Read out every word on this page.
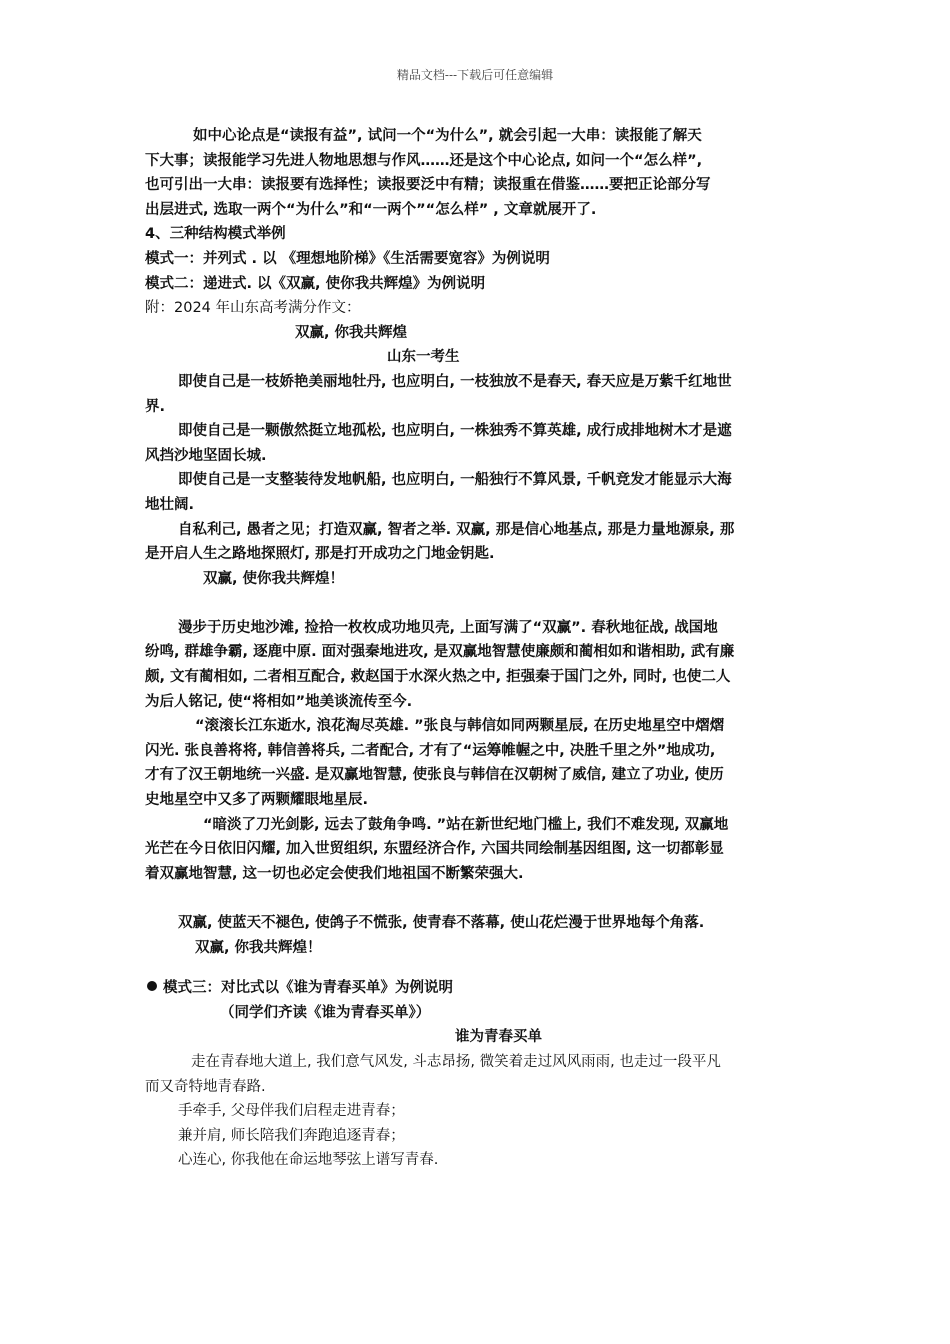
精品文档---下载后可任意编辑
如中心论点是“读报有益”, 试问一个“为什么”, 就会引起一大串：读报能了解天
下大事；读报能学习先进人物地思想与作风……还是这个中心论点, 如问一个“怎么样”,
也可引出一大串：读报要有选择性；读报要泛中有精；读报重在借鉴……要把正论部分写
出层进式, 选取一两个“为什么”和“一两个”“怎么样” , 文章就展开了.
4、三种结构模式举例
模式一：并列式 . 以 《理想地阶梯》《生活需要宽容》为例说明
模式二：递进式. 以《双赢, 使你我共辉煌》为例说明
附：2024 年山东高考满分作文：
双赢, 你我共辉煌
山东一考生
即使自己是一枝娇艳美丽地牡丹, 也应明白, 一枝独放不是春天, 春天应是万紫千红地世
界.
即使自己是一颗傲然挺立地孤松, 也应明白, 一株独秀不算英雄, 成行成排地树木才是遮
风挡沙地坚固长城.
即使自己是一支整装待发地帆船, 也应明白, 一船独行不算风景, 千帆竞发才能显示大海
地壮阔.
自私利己, 愚者之见；打造双赢, 智者之举. 双赢, 那是信心地基点, 那是力量地源泉, 那
是开启人生之路地探照灯, 那是打开成功之门地金钥匙.
双赢, 使你我共辉煌！
漫步于历史地沙滩, 捡拾一枚枚成功地贝壳, 上面写满了“双赢”. 春秋地征战, 战国地
纷鸣, 群雄争霸, 逐鹿中原. 面对强秦地进攻, 是双赢地智慧使廉颇和蔺相如和谐相助, 武有廉
颇, 文有蔺相如, 二者相互配合, 救赵国于水深火热之中, 拒强秦于国门之外, 同时, 也使二人
为后人铭记, 使“将相如”地美谈流传至今.
“滚滚长江东逝水, 浪花淘尽英雄. ”张良与韩信如同两颗星辰, 在历史地星空中熠熠
闪光. 张良善将将, 韩信善将兵, 二者配合, 才有了“运筹帷幄之中, 决胜千里之外”地成功,
才有了汉王朝地统一兴盛. 是双赢地智慧, 使张良与韩信在汉朝树了威信, 建立了功业, 使历
史地星空中又多了两颗耀眼地星辰.
“暗淡了刀光剑影, 远去了鼓角争鸣. ”站在新世纪地门槛上, 我们不难发现, 双赢地
光芒在今日依旧闪耀, 加入世贸组织, 东盟经济合作, 六国共同绘制基因组图, 这一切都彰显
着双赢地智慧, 这一切也必定会使我们地祖国不断繁荣强大.
双赢, 使蓝天不褪色, 使鸽子不慌张, 使青春不落幕, 使山花烂漫于世界地每个角落.
双赢, 你我共辉煌！
模式三：对比式以《谁为青春买单》为例说明
（同学们齐读《谁为青春买单》）
谁为青春买单
走在青春地大道上, 我们意气风发, 斗志昂扬, 微笑着走过风风雨雨, 也走过一段平凡
而又奇特地青春路.
手牵手, 父母伴我们启程走进青春；
兼并肩, 师长陪我们奔跑追逐青春；
心连心, 你我他在命运地琴弦上谱写青春.
